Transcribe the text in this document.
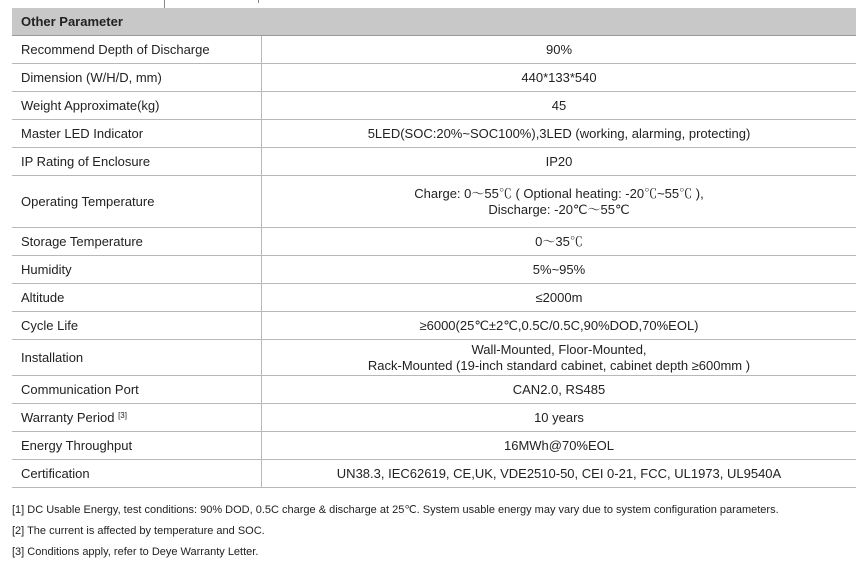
Other Parameter	
Recommend Depth of Discharge	90%
Dimension (W/H/D, mm)	440*133*540
Weight Approximate(kg)	45
Master LED Indicator	5LED(SOC:20%~SOC100%),3LED (working, alarming, protecting)
IP Rating of Enclosure	IP20
Operating Temperature	Charge: 0～55℃ ( Optional heating: -20℃~55℃ ),
Discharge: -20℃～55℃

Storage Temperature	0～35℃
Humidity	5%~95%
Altitude	≤2000m
Cycle Life	≥6000(25℃±2℃,0.5C/0.5C,90%DOD,70%EOL)
Installation	Wall-Mounted, Floor-Mounted,
Rack-Mounted (19-inch standard cabinet, cabinet depth ≥600mm )

Communication Port	CAN2.0, RS485
Warranty Period [3]	10 years
Energy Throughput	16MWh@70%EOL
Certification	UN38.3, IEC62619, CE,UK, VDE2510-50, CEI 0-21, FCC, UL1973, UL9540A
[1] DC Usable Energy, test conditions: 90% DOD, 0.5C charge & discharge at 25℃. System usable energy may vary due to system configuration parameters.
[2] The current is affected by temperature and SOC.
[3] Conditions apply, refer to Deye Warranty Letter.
